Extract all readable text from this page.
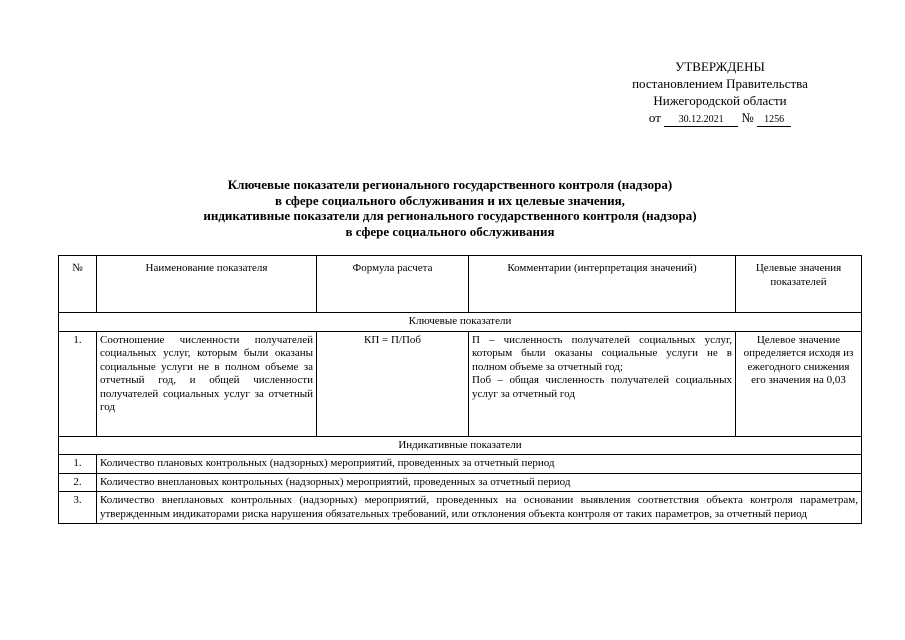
УТВЕРЖДЕНЫ
постановлением Правительства
Нижегородской области
от 30.12.2021 № 1256
Ключевые показатели регионального государственного контроля (надзора)
в сфере социального обслуживания и их целевые значения,
индикативные показатели для регионального государственного контроля (надзора)
в сфере социального обслуживания
№	Наименование показателя	Формула расчета	Комментарии (интерпретация значений)	Целевые значения показателей
Ключевые показатели				
1.	Соотношение численности получателей социальных услуг, которым были оказаны социальные услуги не в полном объеме за отчетный год, и общей численности получателей социальных услуг за отчетный год	КП = П/Поб	П – численность получателей социальных услуг, которым были оказаны социальные услуги не в полном объеме за отчетный год;
Поб – общая численность получателей социальных услуг за отчетный год	Целевое значение определяется исходя из ежегодного снижения его значения на 0,03
Индикативные показатели				
1.	Количество плановых контрольных (надзорных) мероприятий, проведенных за отчетный период			
2.	Количество внеплановых контрольных (надзорных) мероприятий, проведенных за отчетный период			
3.	Количество внеплановых контрольных (надзорных) мероприятий, проведенных на основании выявления соответствия объекта контроля параметрам, утвержденным индикаторами риска нарушения обязательных требований, или отклонения объекта контроля от таких параметров, за отчетный период			
